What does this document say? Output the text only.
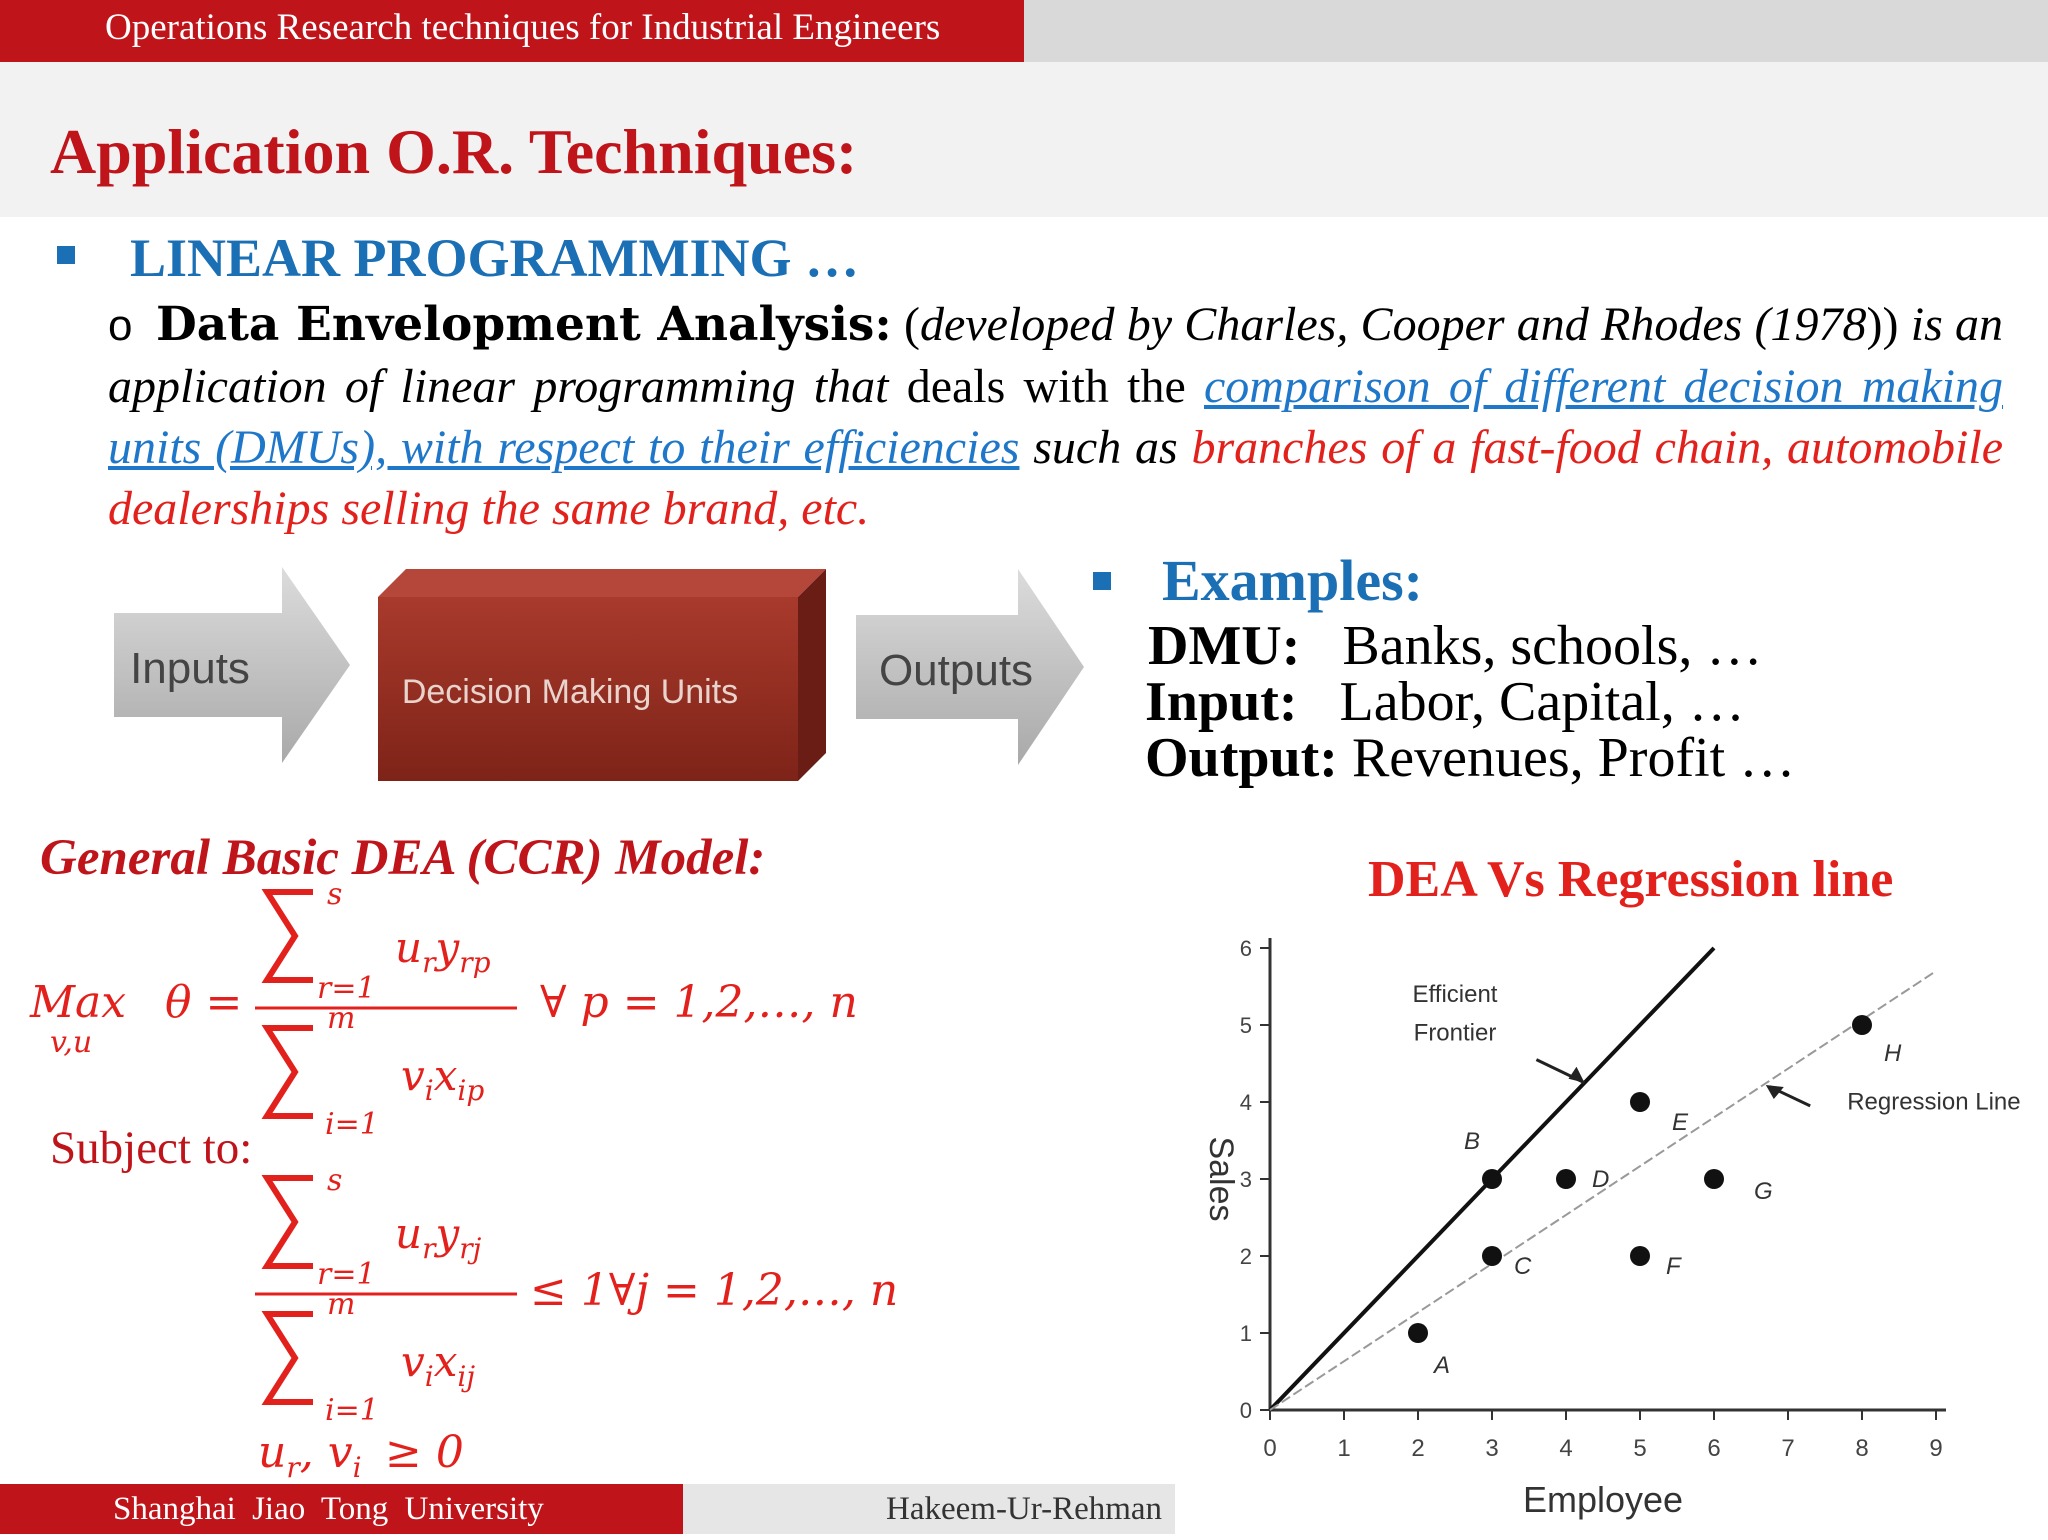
Operations Research techniques for Industrial Engineers
Application O.R. Techniques:
LINEAR PROGRAMMING …
o Data Envelopment Analysis: (developed by Charles, Cooper and Rhodes (1978)) is an application of linear programming that deals with the comparison of different decision making units (DMUs), with respect to their efficiencies such as branches of a fast-food chain, automobile dealerships selling the same brand, etc.
Inputs	Decision Making Units	Outputs
Examples:
DMU: Banks, schools, …
Input: Labor, Capital, …
Output: Revenues, Profit …
General Basic DEA (CCR) Model:
Max
v,u
θ =
s
r=1
$u_ry_{rp}$
m
i=1
$v_ix_{ip}$
∀ p = 1,2,…, n
Subject to:
s
r=1
$u_ry_{rj}$
m
i=1
$v_ix_{ij}$
≤ 1∀j = 1,2,…, n
$u_r$, $v_i \ge 0$
DEA Vs Regression line
0	1	2	3	4	5	6	7	8	9
0
1
2
3
4
5
6
Employee
Sales
A
B
C
D
E
F
G
H
Efficient
Frontier
Regression Line
Shanghai Jiao Tong University	Hakeem-Ur-Rehman
